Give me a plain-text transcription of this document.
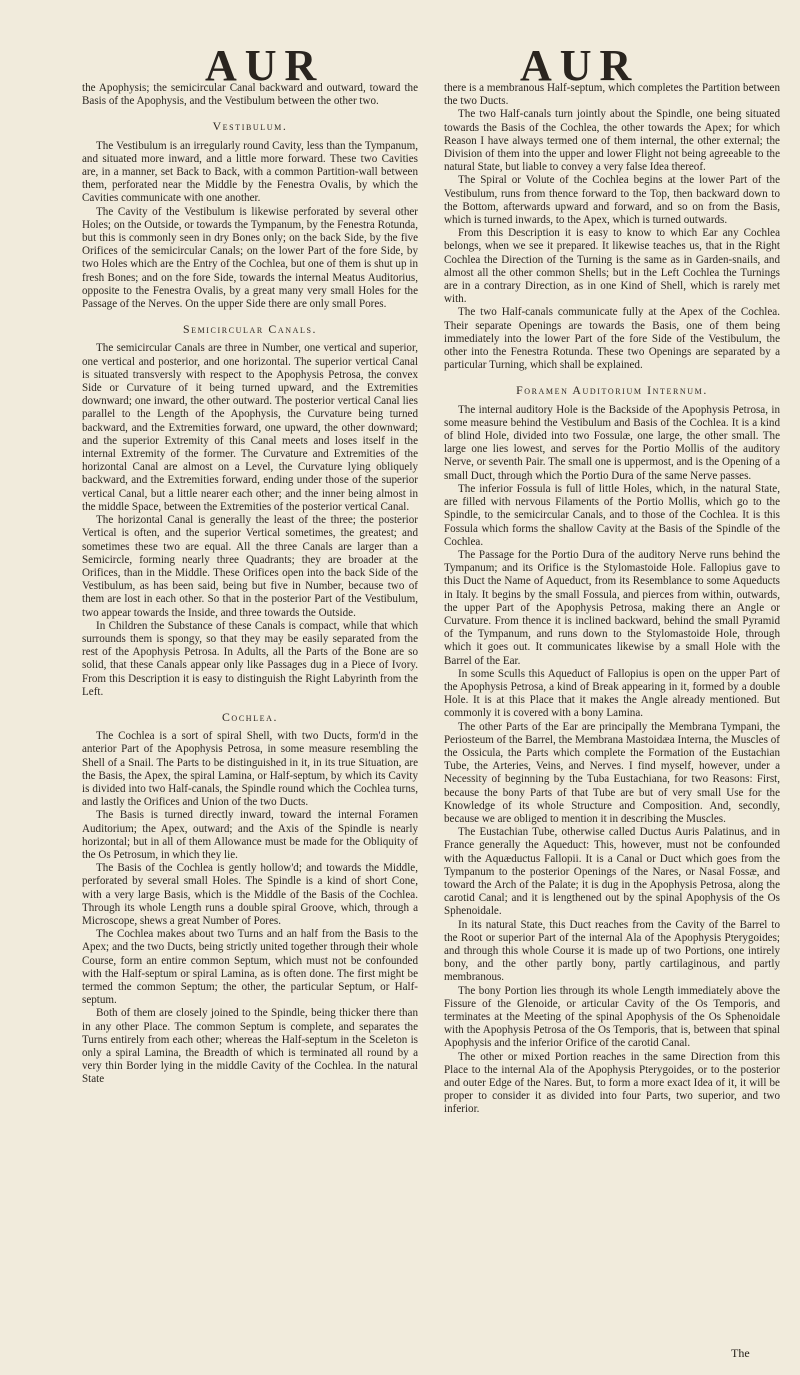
AUR	AUR

the Apophysis; the semicircular Canal backward and outward, toward the Basis of the Apophysis, and the Vestibulum between the other two.

Vestibulum.

The Vestibulum is an irregularly round Cavity, less than the Tympanum, and situated more inward, and a little more forward. These two Cavities are, in a manner, set Back to Back, with a common Partition-wall between them, perforated near the Middle by the Fenestra Ovalis, by which the Cavities communicate with one another.

The Cavity of the Vestibulum is likewise perforated by several other Holes; on the Outside, or towards the Tympanum, by the Fenestra Rotunda, but this is commonly seen in dry Bones only; on the back Side, by the five Orifices of the semicircular Canals; on the lower Part of the fore Side, by two Holes which are the Entry of the Cochlea, but one of them is shut up in fresh Bones; and on the fore Side, towards the internal Meatus Auditorius, opposite to the Fenestra Ovalis, by a great many very small Holes for the Passage of the Nerves. On the upper Side there are only small Pores.

Semicircular Canals.

The semicircular Canals are three in Number, one vertical and superior, one vertical and posterior, and one horizontal. The superior vertical Canal is situated transversly with respect to the Apophysis Petrosa, the convex Side or Curvature of it being turned upward, and the Extremities downward; one inward, the other outward. The posterior vertical Canal lies parallel to the Length of the Apophysis, the Curvature being turned backward, and the Extremities forward, one upward, the other downward; and the superior Extremity of this Canal meets and loses itself in the internal Extremity of the former. The Curvature and Extremities of the horizontal Canal are almost on a Level, the Curvature lying obliquely backward, and the Extremities forward, ending under those of the superior vertical Canal, but a little nearer each other; and the inner being almost in the middle Space, between the Extremities of the posterior vertical Canal.

The horizontal Canal is generally the least of the three; the posterior Vertical is often, and the superior Vertical sometimes, the greatest; and sometimes these two are equal. All the three Canals are larger than a Semicircle, forming nearly three Quadrants; they are broader at the Orifices, than in the Middle. These Orifices open into the back Side of the Vestibulum, as has been said, being but five in Number, because two of them are lost in each other. So that in the posterior Part of the Vestibulum, two appear towards the Inside, and three towards the Outside.

In Children the Substance of these Canals is compact, while that which surrounds them is spongy, so that they may be easily separated from the rest of the Apophysis Petrosa. In Adults, all the Parts of the Bone are so solid, that these Canals appear only like Passages dug in a Piece of Ivory. From this Description it is easy to distinguish the Right Labyrinth from the Left.

Cochlea.

The Cochlea is a sort of spiral Shell, with two Ducts, form'd in the anterior Part of the Apophysis Petrosa, in some measure resembling the Shell of a Snail. The Parts to be distinguished in it, in its true Situation, are the Basis, the Apex, the spiral Lamina, or Half-septum, by which its Cavity is divided into two Half-canals, the Spindle round which the Cochlea turns, and lastly the Orifices and Union of the two Ducts.

The Basis is turned directly inward, toward the internal Foramen Auditorium; the Apex, outward; and the Axis of the Spindle is nearly horizontal; but in all of them Allowance must be made for the Obliquity of the Os Petrosum, in which they lie.

The Basis of the Cochlea is gently hollow'd; and towards the Middle, perforated by several small Holes. The Spindle is a kind of short Cone, with a very large Basis, which is the Middle of the Basis of the Cochlea. Through its whole Length runs a double spiral Groove, which, through a Microscope, shews a great Number of Pores.

The Cochlea makes about two Turns and an half from the Basis to the Apex; and the two Ducts, being strictly united together through their whole Course, form an entire common Septum, which must not be confounded with the Half-septum or spiral Lamina, as is often done. The first might be termed the common Septum; the other, the particular Septum, or Half-septum.

Both of them are closely joined to the Spindle, being thicker there than in any other Place. The common Septum is complete, and separates the Turns entirely from each other; whereas the Half-septum in the Sceleton is only a spiral Lamina, the Breadth of which is terminated all round by a very thin Border lying in the middle Cavity of the Cochlea. In the natural State

there is a membranous Half-septum, which completes the Partition between the two Ducts.

The two Half-canals turn jointly about the Spindle, one being situated towards the Basis of the Cochlea, the other towards the Apex; for which Reason I have always termed one of them internal, the other external; the Division of them into the upper and lower Flight not being agreeable to the natural State, but liable to convey a very false Idea thereof.

The Spiral or Volute of the Cochlea begins at the lower Part of the Vestibulum, runs from thence forward to the Top, then backward down to the Bottom, afterwards upward and forward, and so on from the Basis, which is turned inwards, to the Apex, which is turned outwards.

From this Description it is easy to know to which Ear any Cochlea belongs, when we see it prepared. It likewise teaches us, that in the Right Cochlea the Direction of the Turning is the same as in Garden-snails, and almost all the other common Shells; but in the Left Cochlea the Turnings are in a contrary Direction, as in one Kind of Shell, which is rarely met with.

The two Half-canals communicate fully at the Apex of the Cochlea. Their separate Openings are towards the Basis, one of them being immediately into the lower Part of the fore Side of the Vestibulum, the other into the Fenestra Rotunda. These two Openings are separated by a particular Turning, which shall be explained.

Foramen Auditorium Internum.

The internal auditory Hole is the Backside of the Apophysis Petrosa, in some measure behind the Vestibulum and Basis of the Cochlea. It is a kind of blind Hole, divided into two Fossulæ, one large, the other small. The large one lies lowest, and serves for the Portio Mollis of the auditory Nerve, or seventh Pair. The small one is uppermost, and is the Opening of a small Duct, through which the Portio Dura of the same Nerve passes.

The inferior Fossula is full of little Holes, which, in the natural State, are filled with nervous Filaments of the Portio Mollis, which go to the Spindle, to the semicircular Canals, and to those of the Cochlea. It is this Fossula which forms the shallow Cavity at the Basis of the Spindle of the Cochlea.

The Passage for the Portio Dura of the auditory Nerve runs behind the Tympanum; and its Orifice is the Stylomastoide Hole. Fallopius gave to this Duct the Name of Aqueduct, from its Resemblance to some Aqueducts in Italy. It begins by the small Fossula, and pierces from within, outwards, the upper Part of the Apophysis Petrosa, making there an Angle or Curvature. From thence it is inclined backward, behind the small Pyramid of the Tympanum, and runs down to the Stylomastoide Hole, through which it goes out. It communicates likewise by a small Hole with the Barrel of the Ear.

In some Sculls this Aqueduct of Fallopius is open on the upper Part of the Apophysis Petrosa, a kind of Break appearing in it, formed by a double Hole. It is at this Place that it makes the Angle already mentioned. But commonly it is covered with a bony Lamina.

The other Parts of the Ear are principally the Membrana Tympani, the Periosteum of the Barrel, the Membrana Mastoidæa Interna, the Muscles of the Ossicula, the Parts which complete the Formation of the Eustachian Tube, the Arteries, Veins, and Nerves. I find myself, however, under a Necessity of beginning by the Tuba Eustachiana, for two Reasons: First, because the bony Parts of that Tube are but of very small Use for the Knowledge of its whole Structure and Composition. And, secondly, because we are obliged to mention it in describing the Muscles.

The Eustachian Tube, otherwise called Ductus Auris Palatinus, and in France generally the Aqueduct: This, however, must not be confounded with the Aquæductus Fallopii. It is a Canal or Duct which goes from the Tympanum to the posterior Openings of the Nares, or Nasal Fossæ, and toward the Arch of the Palate; it is dug in the Apophysis Petrosa, along the carotid Canal; and it is lengthened out by the spinal Apophysis of the Os Sphenoidale.

In its natural State, this Duct reaches from the Cavity of the Barrel to the Root or superior Part of the internal Ala of the Apophysis Pterygoides; and through this whole Course it is made up of two Portions, one intirely bony, and the other partly bony, partly cartilaginous, and partly membranous.

The bony Portion lies through its whole Length immediately above the Fissure of the Glenoide, or articular Cavity of the Os Temporis, and terminates at the Meeting of the spinal Apophysis of the Os Sphenoidale with the Apophysis Petrosa of the Os Temporis, that is, between that spinal Apophysis and the inferior Orifice of the carotid Canal.

The other or mixed Portion reaches in the same Direction from this Place to the internal Ala of the Apophysis Pterygoides, or to the posterior and outer Edge of the Nares. But, to form a more exact Idea of it, it will be proper to consider it as divided into four Parts, two superior, and two inferior.

The
